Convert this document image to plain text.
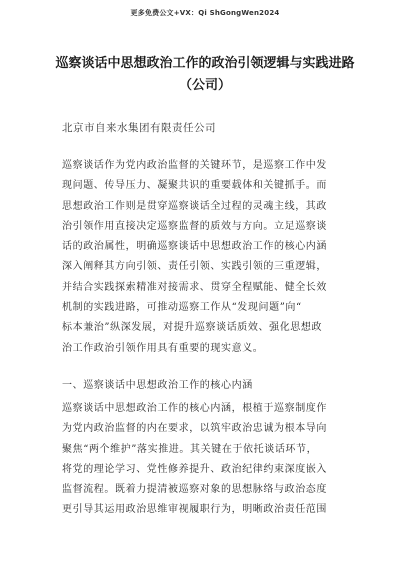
更多免费公文+VX：Qi ShGongWen2024
巡察谈话中思想政治工作的政治引领逻辑与实践进路
（公司）
北京市自来水集团有限责任公司
巡察谈话作为党内政治监督的关键环节，是巡察工作中发
现问题、传导压力、凝聚共识的重要载体和关键抓手。而
思想政治工作则是贯穿巡察谈话全过程的灵魂主线，其政
治引领作用直接决定巡察监督的质效与方向。立足巡察谈
话的政治属性，明确巡察谈话中思想政治工作的核心内涵
深入阐释其方向引领、责任引领、实践引领的三重逻辑，
并结合实践探索精准对接需求、贯穿全程赋能、健全长效
机制的实践进路，可推动巡察工作从“发现问题”向“
标本兼治”纵深发展，对提升巡察谈话质效、强化思想政
治工作政治引领作用具有重要的现实意义。
一、巡察谈话中思想政治工作的核心内涵
巡察谈话中思想政治工作的核心内涵，根植于巡察制度作
为党内政治监督的内在要求，以筑牢政治忠诚为根本导向
聚焦“两个维护”落实推进。其关键在于依托谈话环节，
将党的理论学习、党性修养提升、政治纪律约束深度嵌入
监督流程。既着力提清被巡察对象的思想脉络与政治态度
更引导其运用政治思维审视履职行为，明晰政治责任范围
